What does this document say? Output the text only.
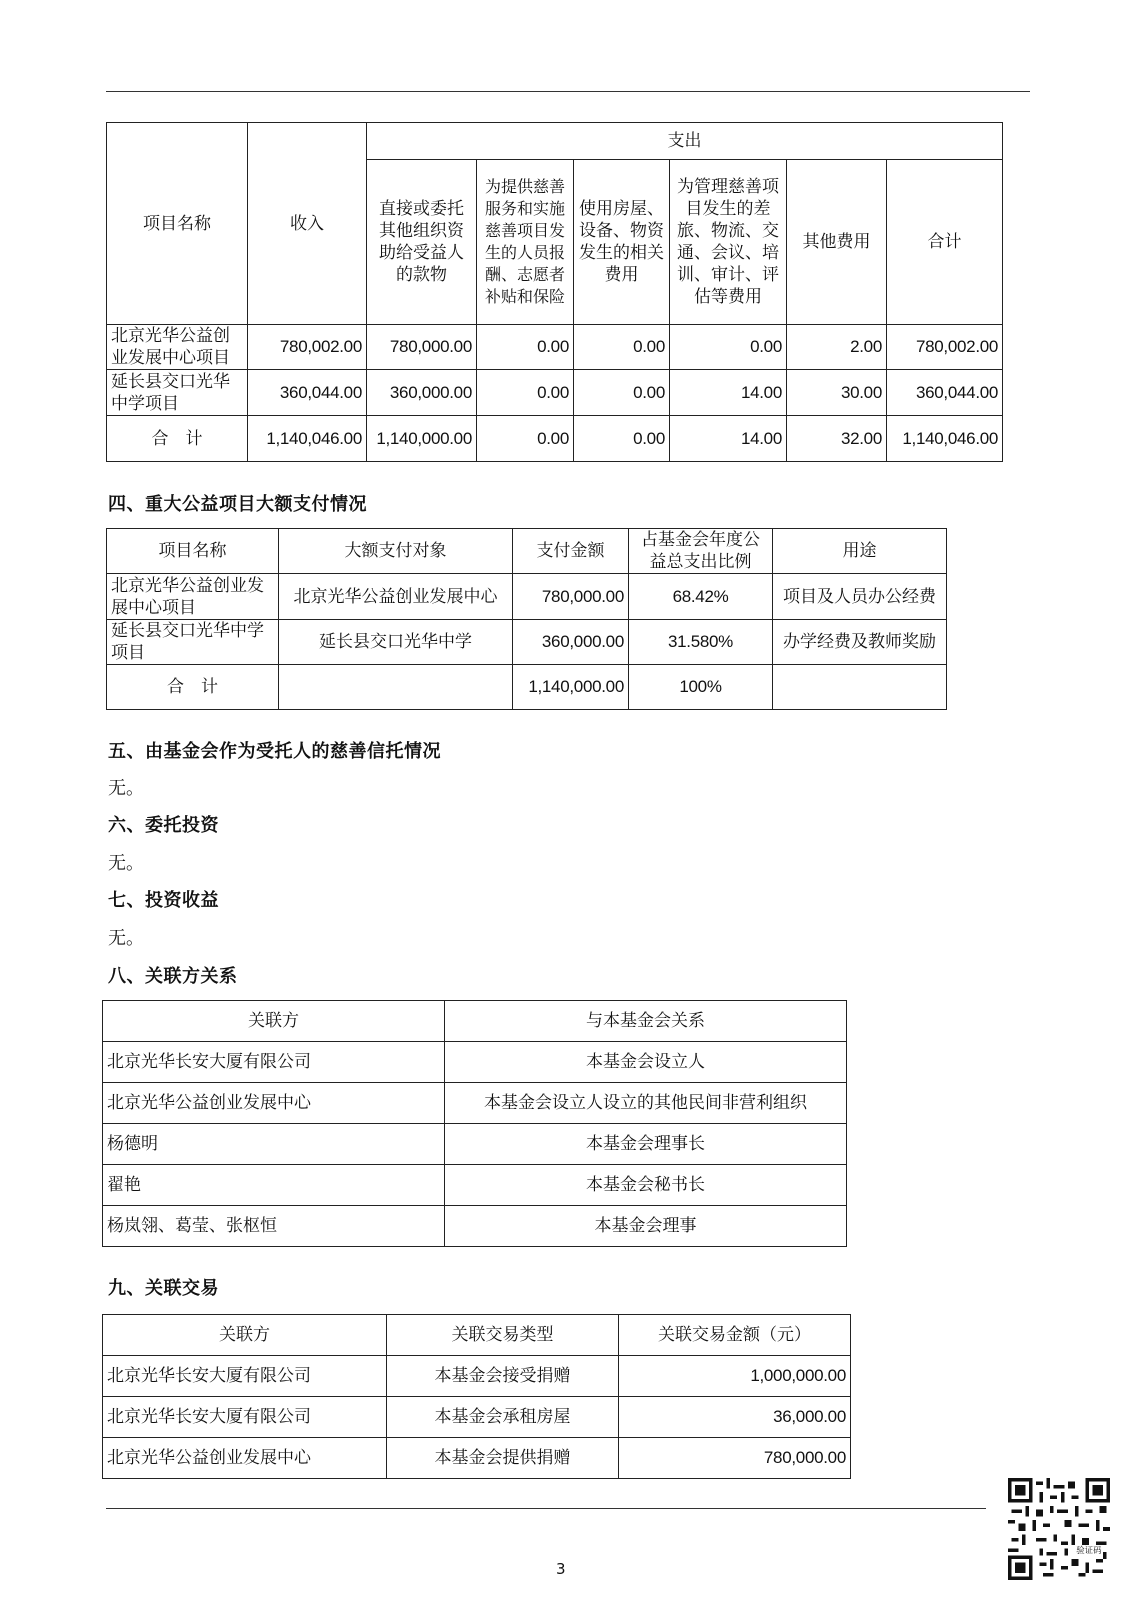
项目名称	收入	支出					
		直接或委托其他组织资助给受益人的款物	为提供慈善服务和实施慈善项目发生的人员报酬、志愿者补贴和保险	使用房屋、设备、物资发生的相关费用	为管理慈善项目发生的差旅、物流、交通、会议、培训、审计、评估等费用	其他费用	合计
北京光华公益创业发展中心项目	780,002.00	780,000.00	0.00	0.00	0.00	2.00	780,002.00
延长县交口光华中学项目	360,044.00	360,000.00	0.00	0.00	14.00	30.00	360,044.00
合　计	1,140,046.00	1,140,000.00	0.00	0.00	14.00	32.00	1,140,046.00
四、重大公益项目大额支付情况
项目名称	大额支付对象	支付金额	占基金会年度公益总支出比例	用途
北京光华公益创业发展中心项目	北京光华公益创业发展中心	780,000.00	68.42%	项目及人员办公经费
延长县交口光华中学项目	延长县交口光华中学	360,000.00	31.580%	办学经费及教师奖励
合　计		1,140,000.00	100%	
五、由基金会作为受托人的慈善信托情况
无。
六、委托投资
无。
七、投资收益
无。
八、关联方关系
关联方	与本基金会关系
北京光华长安大厦有限公司	本基金会设立人
北京光华公益创业发展中心	本基金会设立人设立的其他民间非营利组织
杨德明	本基金会理事长
翟艳	本基金会秘书长
杨岚翎、葛莹、张枢恒	本基金会理事
九、关联交易
关联方	关联交易类型	关联交易金额（元）
北京光华长安大厦有限公司	本基金会接受捐赠	1,000,000.00
北京光华长安大厦有限公司	本基金会承租房屋	36,000.00
北京光华公益创业发展中心	本基金会提供捐赠	780,000.00
3
验证码
